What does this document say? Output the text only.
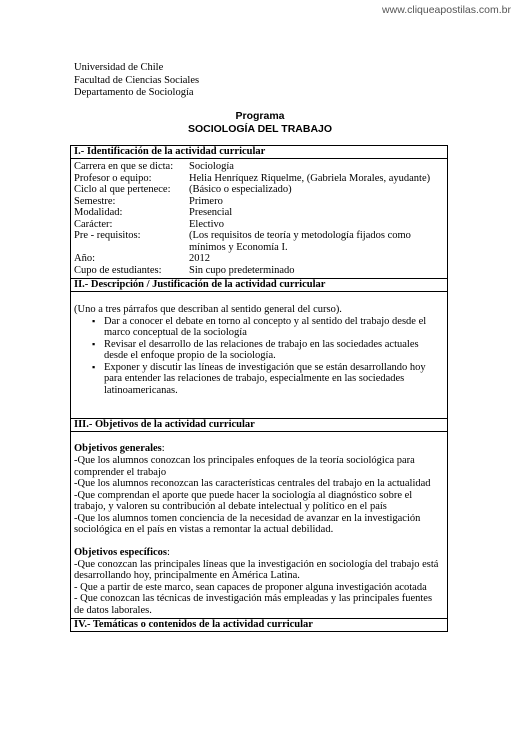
www.cliqueapostilas.com.br
Universidad de Chile
Facultad de Ciencias Sociales
Departamento de Sociología
Programa
SOCIOLOGÍA DEL TRABAJO
I.- Identificación de la actividad curricular
Carrera en que se dicta:	Sociología
Profesor o equipo:	Helia Henríquez Riquelme, (Gabriela Morales, ayudante)
Ciclo al que pertenece:	(Básico o especializado)
Semestre:	Primero
Modalidad:	Presencial
Carácter:	Electivo
Pre - requisitos:	(Los requisitos de teoría y metodología fijados como mínimos y Economía I.
Año:	2012
Cupo de estudiantes:	Sin cupo predeterminado
II.- Descripción / Justificación de la actividad curricular
(Uno a tres párrafos que describan al sentido general del curso).
▪ Dar a conocer el debate en torno al concepto y al sentido del trabajo desde el marco conceptual de la sociología
▪ Revisar el desarrollo de las relaciones de trabajo en las sociedades actuales desde el enfoque propio de la sociología.
▪ Exponer y discutir las líneas de investigación que se están desarrollando hoy para entender las relaciones de trabajo, especialmente en las sociedades latinoamericanas.
III.- Objetivos de la actividad curricular
Objetivos generales:
-Que los alumnos conozcan los principales enfoques de la teoría sociológica para comprender el trabajo
-Que los alumnos reconozcan las características centrales del trabajo en la actualidad
-Que comprendan el aporte que puede hacer la sociología al diagnóstico sobre el trabajo, y valoren su contribución al debate intelectual y político en el país
-Que los alumnos tomen conciencia de la necesidad de avanzar en la investigación sociológica en el país en vistas a remontar la actual debilidad.
Objetivos específicos:
-Que conozcan las principales líneas que la investigación en sociología del trabajo está desarrollando hoy, principalmente en América Latina.
- Que a partir de este marco, sean capaces de proponer alguna investigación acotada
- Que conozcan las técnicas de investigación más empleadas y las principales fuentes de datos laborales.
IV.- Temáticas o contenidos de la actividad curricular
